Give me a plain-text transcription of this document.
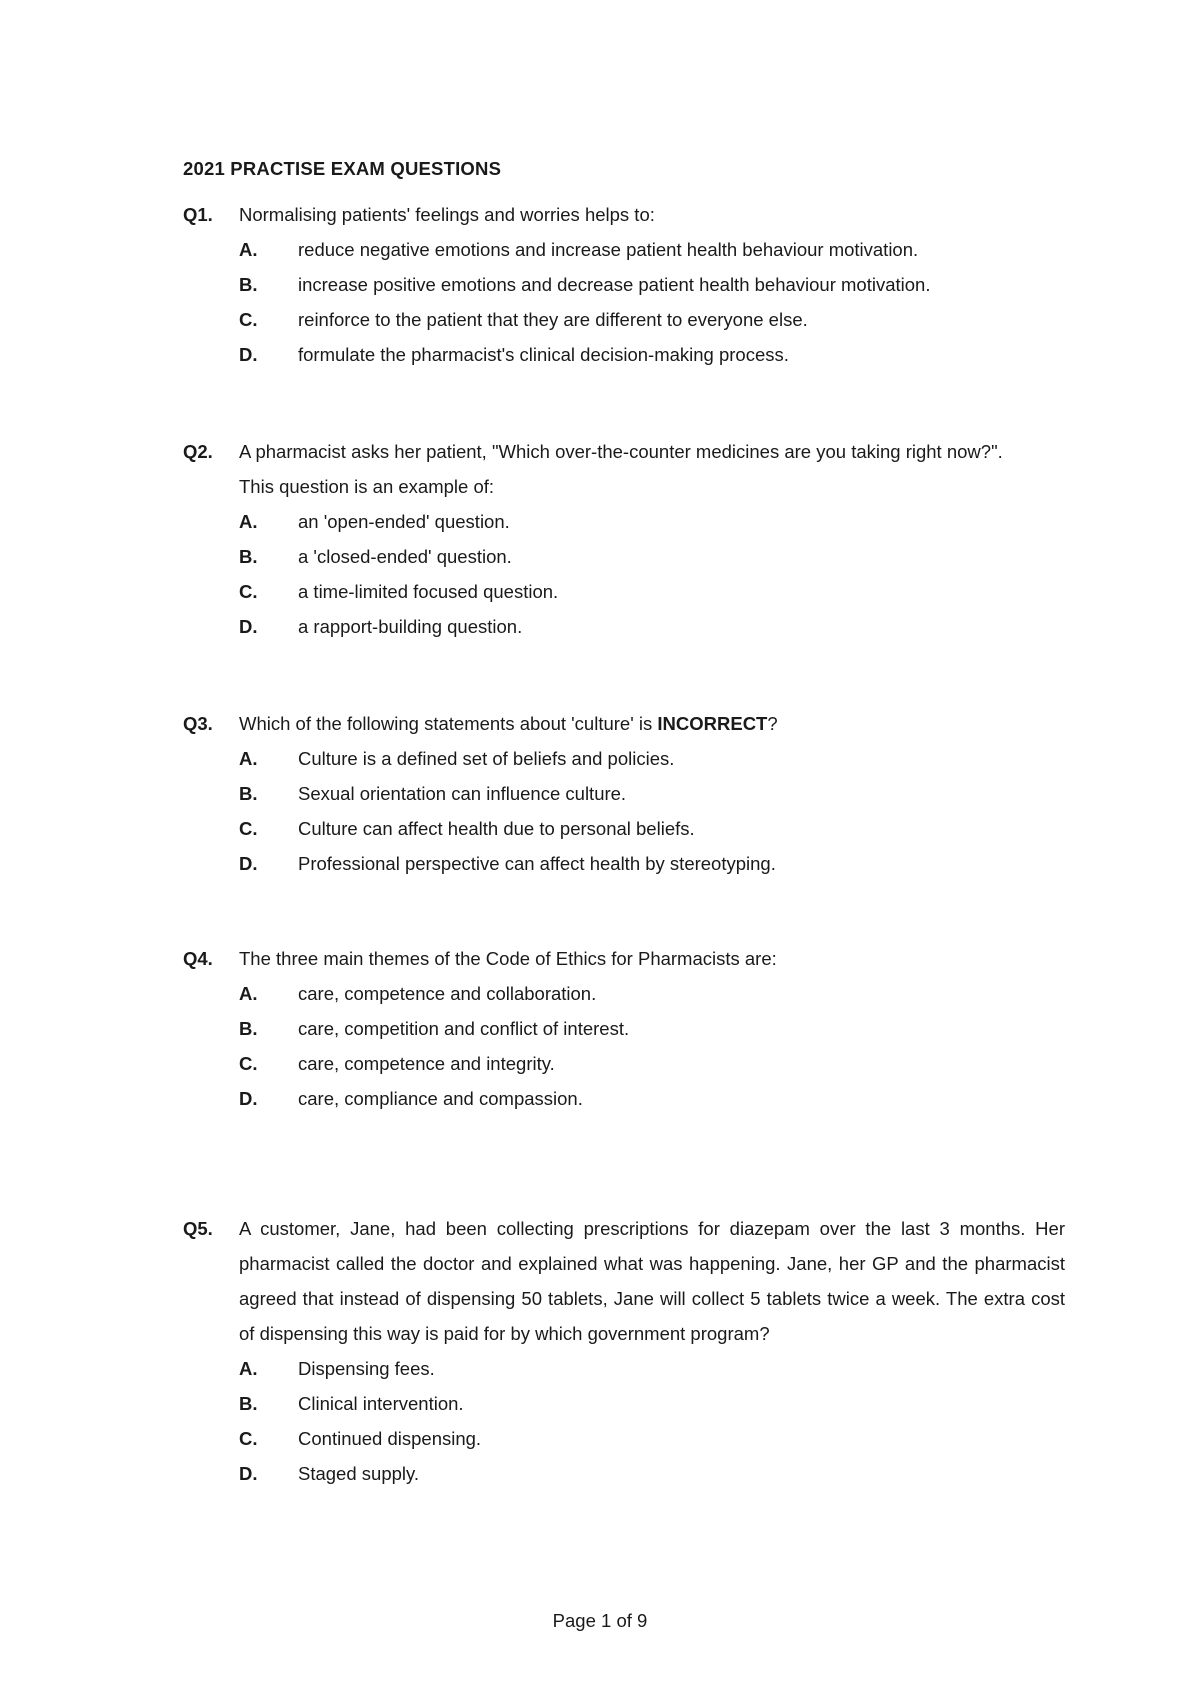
2021 PRACTISE EXAM QUESTIONS
Q1. Normalising patients' feelings and worries helps to:
A. reduce negative emotions and increase patient health behaviour motivation.
B. increase positive emotions and decrease patient health behaviour motivation.
C. reinforce to the patient that they are different to everyone else.
D. formulate the pharmacist's clinical decision-making process.
Q2. A pharmacist asks her patient, "Which over-the-counter medicines are you taking right now?".
This question is an example of:
A. an 'open-ended' question.
B. a 'closed-ended' question.
C. a time-limited focused question.
D. a rapport-building question.
Q3. Which of the following statements about 'culture' is INCORRECT?
A. Culture is a defined set of beliefs and policies.
B. Sexual orientation can influence culture.
C. Culture can affect health due to personal beliefs.
D. Professional perspective can affect health by stereotyping.
Q4. The three main themes of the Code of Ethics for Pharmacists are:
A. care, competence and collaboration.
B. care, competition and conflict of interest.
C. care, competence and integrity.
D. care, compliance and compassion.
Q5. A customer, Jane, had been collecting prescriptions for diazepam over the last 3 months. Her pharmacist called the doctor and explained what was happening. Jane, her GP and the pharmacist agreed that instead of dispensing 50 tablets, Jane will collect 5 tablets twice a week. The extra cost of dispensing this way is paid for by which government program?
A. Dispensing fees.
B. Clinical intervention.
C. Continued dispensing.
D. Staged supply.
Page 1 of 9
